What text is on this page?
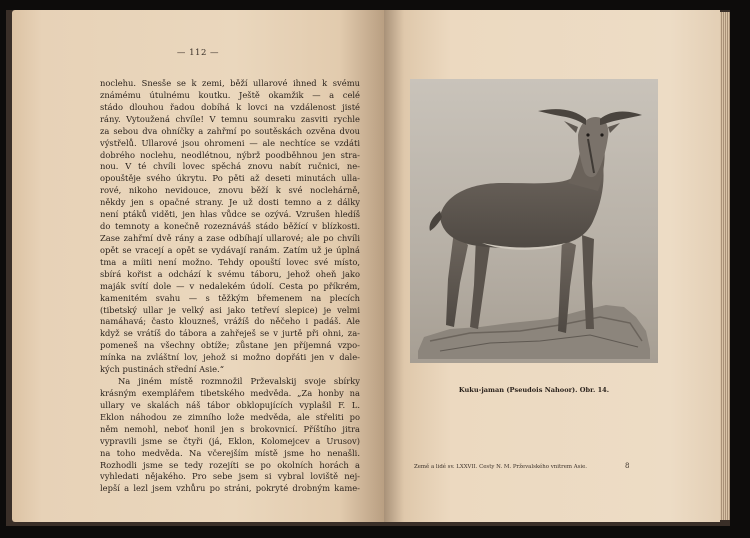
— 112 —
noclehu. Snesše se k zemi, běží ullarové ihned k svému
známému útulnému koutku. Ještě okamžik — a celé
stádo dlouhou řadou dobíhá k lovci na vzdálenost jisté
rány. Vytoužená chvíle! V temnu soumraku zasviti rychle
za sebou dva ohníčky a zahřmí po soutěskách ozvěna dvou
výstřelů. Ullarové jsou ohromeni — ale nechtíce se vzdáti
dobrého noclehu, neodlétnou, nýbrž poodběhnou jen stra-
nou. V té chvíli lovec spěchá znovu nabít ručnici, ne-
opouštěje svého úkrytu. Po pěti až deseti minutách ulla-
rové, nikoho nevidouce, znovu běží k své noclehárně,
někdy jen s opačné strany. Je už dosti temno a z dálky
není ptáků viděti, jen hlas vůdce se ozývá. Vzrušen hledíš
do temnoty a konečně rozeznáváš stádo běžící v blízkosti.
Zase zahřmí dvě rány a zase odbíhají ullarové; ale po chvíli
opět se vracejí a opět se vydávají ranám. Zatím už je úplná
tma a míiti není možno. Tehdy opouští lovec své místo,
sbírá kořist a odchází k svému táboru, jehož oheň jako
maják svítí dole — v nedalekém údolí. Cesta po příkrém,
kamenitém svahu — s těžkým břemenem na plecích
(tibetský ullar je velký asi jako tetřeví slepice) je velmi
namáhavá; často klouzneš, vrážíš do něčeho i padáš. Ale
když se vrátíš do tábora a zahřeješ se v jurtě při ohni, za-
pomeneš na všechny obtíže; zůstane jen příjemná vzpo-
mínka na zvláštní lov, jehož si možno dopřáti jen v dale-
kých pustinách střední Asie.“
Na jiném místě rozmnožil Prževalskij svoje sbírky
krásným exemplářem tibetského medvěda. „Za honby na
ullary ve skalách náš tábor obklopujících vyplašil F. L.
Eklon náhodou ze zimního lože medvěda, ale střeliti po
něm nemohl, neboť honil jen s brokovnicí. Příštího jitra
vypravili jsme se čtyři (já, Eklon, Kolomejcev a Urusov)
na toho medvěda. Na včerejším místě jsme ho nenašli.
Rozhodli jsme se tedy rozejíti se po okolních horách a
vyhledati nějakého. Pro sebe jsem si vybral loviště nej-
lepší a lezl jsem vzhůru po stráni, pokryté drobným kame-
Kuku-jaman (Pseudois Nahoor). Obr. 14.
Země a lidé sv. LXXVII. Cesty N. M. Prževalského vnitrem Asie.	8
